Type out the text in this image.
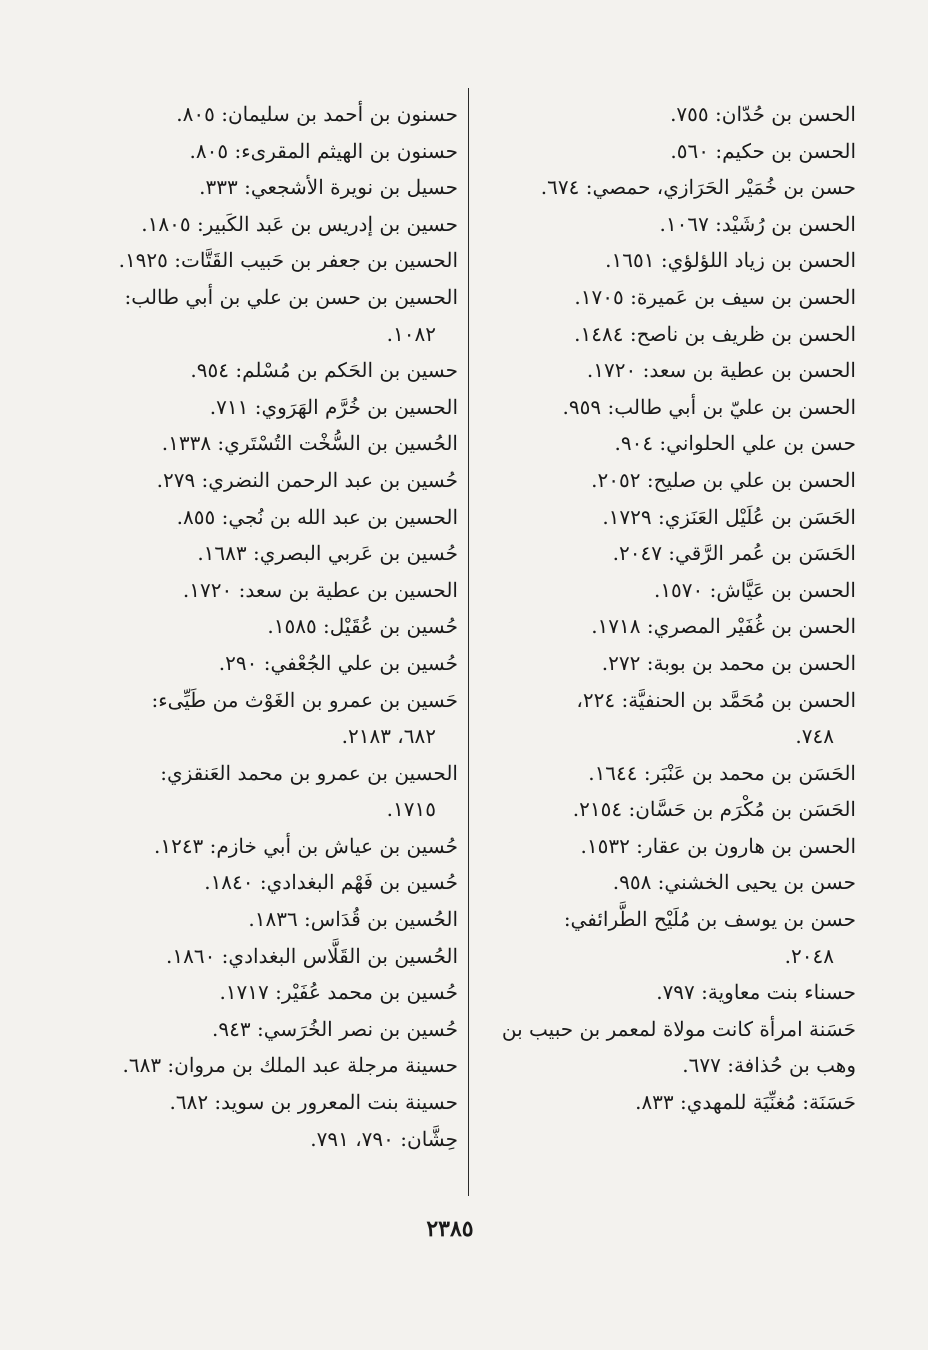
الحسن بن حُدّان: ٧٥٥.
الحسن بن حكيم: ٥٦٠.
حسن بن خُمَيْر الحَرَازي، حمصي: ٦٧٤.
الحسن بن رُشَيْد: ١٠٦٧.
الحسن بن زياد اللؤلؤي: ١٦٥١.
الحسن بن سيف بن عَميرة: ١٧٠٥.
الحسن بن ظريف بن ناصح: ١٤٨٤.
الحسن بن عطية بن سعد: ١٧٢٠.
الحسن بن عليّ بن أبي طالب: ٩٥٩.
حسن بن علي الحلواني: ٩٠٤.
الحسن بن علي بن صليح: ٢٠٥٢.
الحَسَن بن عُلَيْل العَنَزي: ١٧٢٩.
الحَسَن بن عُمر الرَّقي: ٢٠٤٧.
الحسن بن عَيَّاش: ١٥٧٠.
الحسن بن غُفَيْر المصري: ١٧١٨.
الحسن بن محمد بن بوبة: ٢٧٢.
الحسن بن مُحَمَّد بن الحنفيَّة: ٢٢٤،
٧٤٨.
الحَسَن بن محمد بن عَنْبَر: ١٦٤٤.
الحَسَن بن مُكْرَم بن حَسَّان: ٢١٥٤.
الحسن بن هارون بن عقار: ١٥٣٢.
حسن بن يحيى الخشني: ٩٥٨.
حسن بن يوسف بن مُلَيْح الطَّرائفي:
٢٠٤٨.
حسناء بنت معاوية: ٧٩٧.
حَسَنة امرأة كانت مولاة لمعمر بن حبيب بن
وهب بن حُذافة: ٦٧٧.
حَسَنَة: مُغنِّيَة للمهدي: ٨٣٣.
حسنون بن أحمد بن سليمان: ٨٠٥.
حسنون بن الهيثم المقرىء: ٨٠٥.
حسيل بن نويرة الأشجعي: ٣٣٣.
حسين بن إدريس بن عَبد الكَبير: ١٨٠٥.
الحسين بن جعفر بن حَبيب القَتَّات: ١٩٢٥.
الحسين بن حسن بن علي بن أبي طالب:
١٠٨٢.
حسين بن الحَكم بن مُسْلم: ٩٥٤.
الحسين بن خُرَّم الهَرَوي: ٧١١.
الحُسين بن السُّخْت التُسْتَري: ١٣٣٨.
حُسين بن عبد الرحمن النضري: ٢٧٩.
الحسين بن عبد الله بن نُجي: ٨٥٥.
حُسين بن عَربي البصري: ١٦٨٣.
الحسين بن عطية بن سعد: ١٧٢٠.
حُسين بن عُقَيْل: ١٥٨٥.
حُسين بن علي الجُعْفي: ٢٩٠.
حَسين بن عمرو بن الغَوْث من طَيِّىء:
٦٨٢، ٢١٨٣.
الحسين بن عمرو بن محمد العَنقزي:
١٧١٥.
حُسين بن عياش بن أبي خازم: ١٢٤٣.
حُسين بن فَهْم البغدادي: ١٨٤٠.
الحُسين بن قُدَاس: ١٨٣٦.
الحُسين بن القَلَّاس البغدادي: ١٨٦٠.
حُسين بن محمد عُفَيْر: ١٧١٧.
حُسين بن نصر الخُرَسي: ٩٤٣.
حسينة مرجلة عبد الملك بن مروان: ٦٨٣.
حسينة بنت المعرور بن سويد: ٦٨٢.
حِشَّان: ٧٩٠، ٧٩١.
٢٣٨٥
